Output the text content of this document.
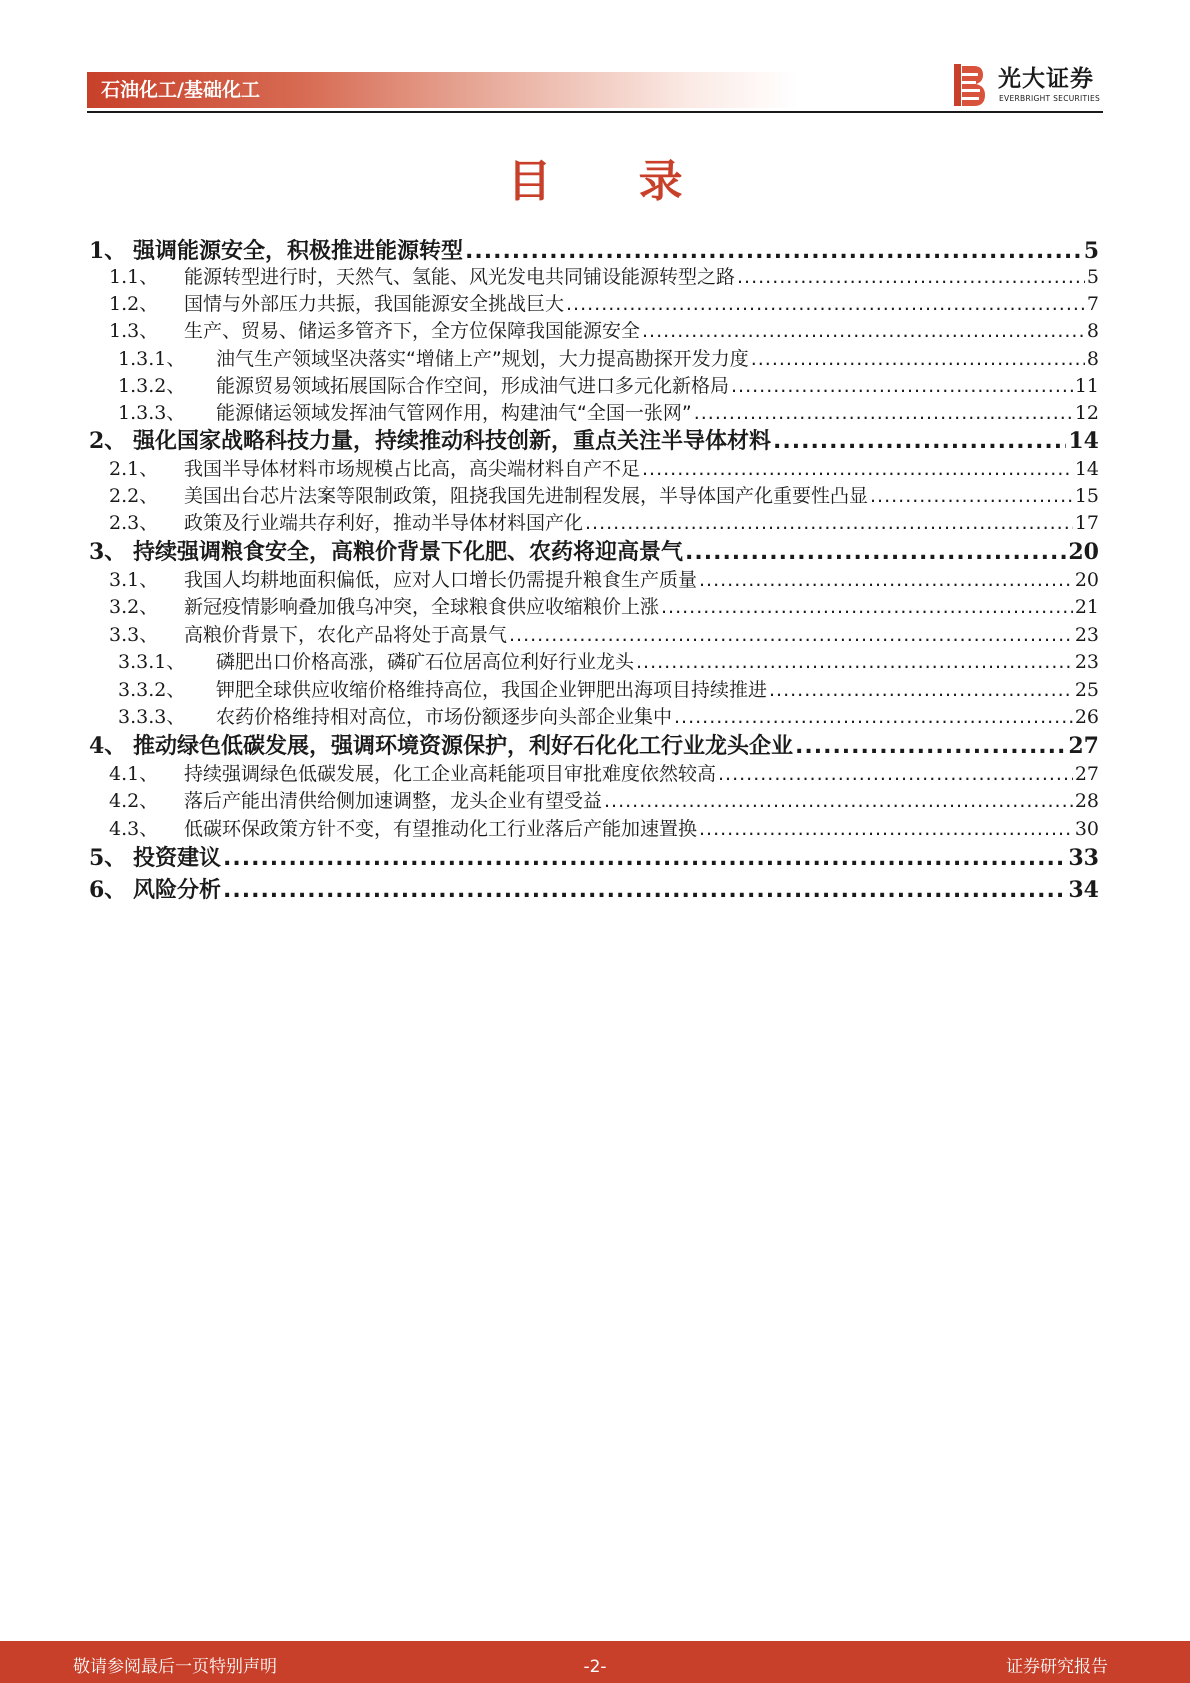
石油化工/基础化工	光大证券
EVERBRIGHT SECURITIES
目 录
1、 强调能源安全，积极推进能源转型 .....	5
1.1、	能源转型进行时，天然气、氢能、风光发电共同铺设能源转型之路 .....	5
1.2、	国情与外部压力共振，我国能源安全挑战巨大 .....	7
1.3、	生产、贸易、储运多管齐下，全方位保障我国能源安全 .....	8
1.3.1、	油气生产领域坚决落实“增储上产”规划，大力提高勘探开发力度 .....	8
1.3.2、	能源贸易领域拓展国际合作空间，形成油气进口多元化新格局 .....	11
1.3.3、	能源储运领域发挥油气管网作用，构建油气“全国一张网” .....	12
2、 强化国家战略科技力量，持续推动科技创新，重点关注半导体材料 .....	14
2.1、	我国半导体材料市场规模占比高，高尖端材料自产不足 .....	14
2.2、	美国出台芯片法案等限制政策，阻挠我国先进制程发展，半导体国产化重要性凸显 .....	15
2.3、	政策及行业端共存利好，推动半导体材料国产化 .....	17
3、 持续强调粮食安全，高粮价背景下化肥、农药将迎高景气 .....	20
3.1、	我国人均耕地面积偏低，应对人口增长仍需提升粮食生产质量 .....	20
3.2、	新冠疫情影响叠加俄乌冲突，全球粮食供应收缩粮价上涨 .....	21
3.3、	高粮价背景下，农化产品将处于高景气 .....	23
3.3.1、	磷肥出口价格高涨，磷矿石位居高位利好行业龙头 .....	23
3.3.2、	钾肥全球供应收缩价格维持高位，我国企业钾肥出海项目持续推进 .....	25
3.3.3、	农药价格维持相对高位，市场份额逐步向头部企业集中 .....	26
4、 推动绿色低碳发展，强调环境资源保护，利好石化化工行业龙头企业 .....	27
4.1、	持续强调绿色低碳发展，化工企业高耗能项目审批难度依然较高 .....	27
4.2、	落后产能出清供给侧加速调整，龙头企业有望受益 .....	28
4.3、	低碳环保政策方针不变，有望推动化工行业落后产能加速置换 .....	30
5、 投资建议 .....	33
6、 风险分析 .....	34
敬请参阅最后一页特别声明	-2-	证券研究报告
